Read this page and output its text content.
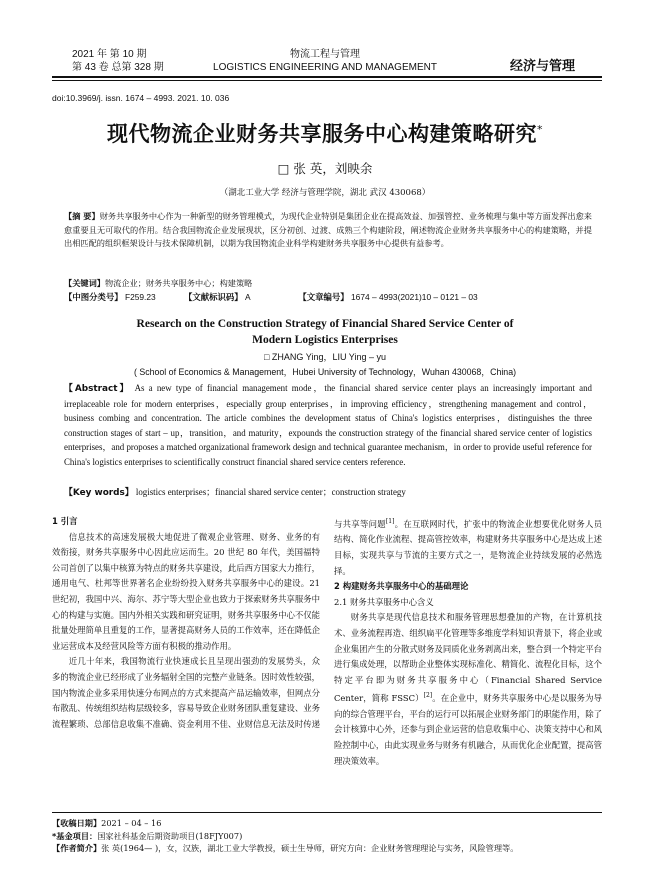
2021 年 第 10 期
第 43 卷 总第 328 期
物流工程与管理
LOGISTICS ENGINEERING AND MANAGEMENT	经济与管理
doi:10.3969/j. issn. 1674 – 4993. 2021. 10. 036
现代物流企业财务共享服务中心构建策略研究*
□ 张 英，刘映余
（湖北工业大学 经济与管理学院，湖北 武汉 430068）
【摘 要】财务共享服务中心作为一种新型的财务管理模式，为现代企业特别是集团企业在提高效益、加强管控、业务梳理与集中等方面发挥出愈来愈重要且无可取代的作用。结合我国物流企业发展现状，区分初创、过渡、成熟三个构建阶段，阐述物流企业财务共享服务中心的构建策略，并提出相匹配的组织框架设计与技术保障机制，以期为我国物流企业科学构建财务共享服务中心提供有益参考。
【关键词】物流企业；财务共享服务中心；构建策略
【中图分类号】 F259.23	【文献标识码】 A	【文章编号】 1674 – 4993(2021)10 – 0121 – 03
Research on the Construction Strategy of Financial Shared Service Center of
Modern Logistics Enterprises
□ ZHANG Ying，LIU Ying – yu
( School of Economics & Management，Hubei University of Technology，Wuhan 430068，China)
【Abstract】 As a new type of financial management mode，the financial shared service center plays an increasingly important and irreplaceable role for modern enterprises，especially group enterprises，in improving efficiency，strengthening management and control，business combing and concentration. The article combines the development status of China's logistics enterprises，distinguishes the three construction stages of start – up，transition，and maturity，expounds the construction strategy of the financial shared service center of logistics enterprises，and proposes a matched organizational framework design and technical guarantee mechanism，in order to provide useful reference for China's logistics enterprises to scientifically construct financial shared service centers reference.
【Key words】 logistics enterprises；financial shared service center；construction strategy

1 引言

信息技术的高速发展极大地促进了微观企业管理、财务、业务的有效衔接，财务共享服务中心因此应运而生。20 世纪 80 年代，美国福特公司首创了以集中核算为特点的财务共享建设，此后西方国家大力推行，通用电气、杜邦等世界著名企业纷纷投入财务共享服务中心的建设。21 世纪初，我国中兴、海尔、苏宁等大型企业也致力于探索财务共享服务中心的构建与实施。国内外相关实践和研究证明，财务共享服务中心不仅能批量处理简单且重复的工作，显著提高财务人员的工作效率，还在降低企业运营成本及经营风险等方面有积极的推动作用。

近几十年来，我国物流行业快速成长且呈现出强劲的发展势头，众多的物流企业已经形成了业务辐射全国的完整产业链条。因时效性较强，国内物流企业多采用快速分布网点的方式来提高产品运输效率，但网点分布散乱、传统组织结构层级较多，容易导致企业财务团队重复建设、业务流程繁琐、总部信息收集不准确、资金利用不佳、业财信息无法及时传递

与共享等问题[1]。在互联网时代，扩张中的物流企业想要优化财务人员结构、简化作业流程、提高管控效率，构建财务共享服务中心是达成上述目标，实现共享与节流的主要方式之一，是物流企业持续发展的必然选择。

2 构建财务共享服务中心的基础理论

2.1 财务共享服务中心含义

财务共享是现代信息技术和服务管理思想叠加的产物，在计算机技术、业务流程再造、组织扁平化管理等多维度学科知识背景下，将企业或企业集团产生的分散式财务及同质化业务剥离出来，整合到一个特定平台进行集成处理，以帮助企业整体实现标准化、精简化、流程化目标，这个特定平台即为财务共享服务中心（Financial Shared Service Center，简称 FSSC）[2]。在企业中，财务共享服务中心是以服务为导向的综合管理平台，平台的运行可以拓展企业财务部门的职能作用，除了会计核算中心外，还参与到企业运营的信息收集中心、决策支持中心和风险控制中心，由此实现业务与财务有机融合，从而优化企业配置，提高管理决策效率。

【收稿日期】2021 – 04 – 16
*基金项目：国家社科基金后期资助项目(18FJY007)
【作者简介】张 英(1964— )，女，汉族，湖北工业大学教授，硕士生导师，研究方向：企业财务管理理论与实务，风险管理等。
